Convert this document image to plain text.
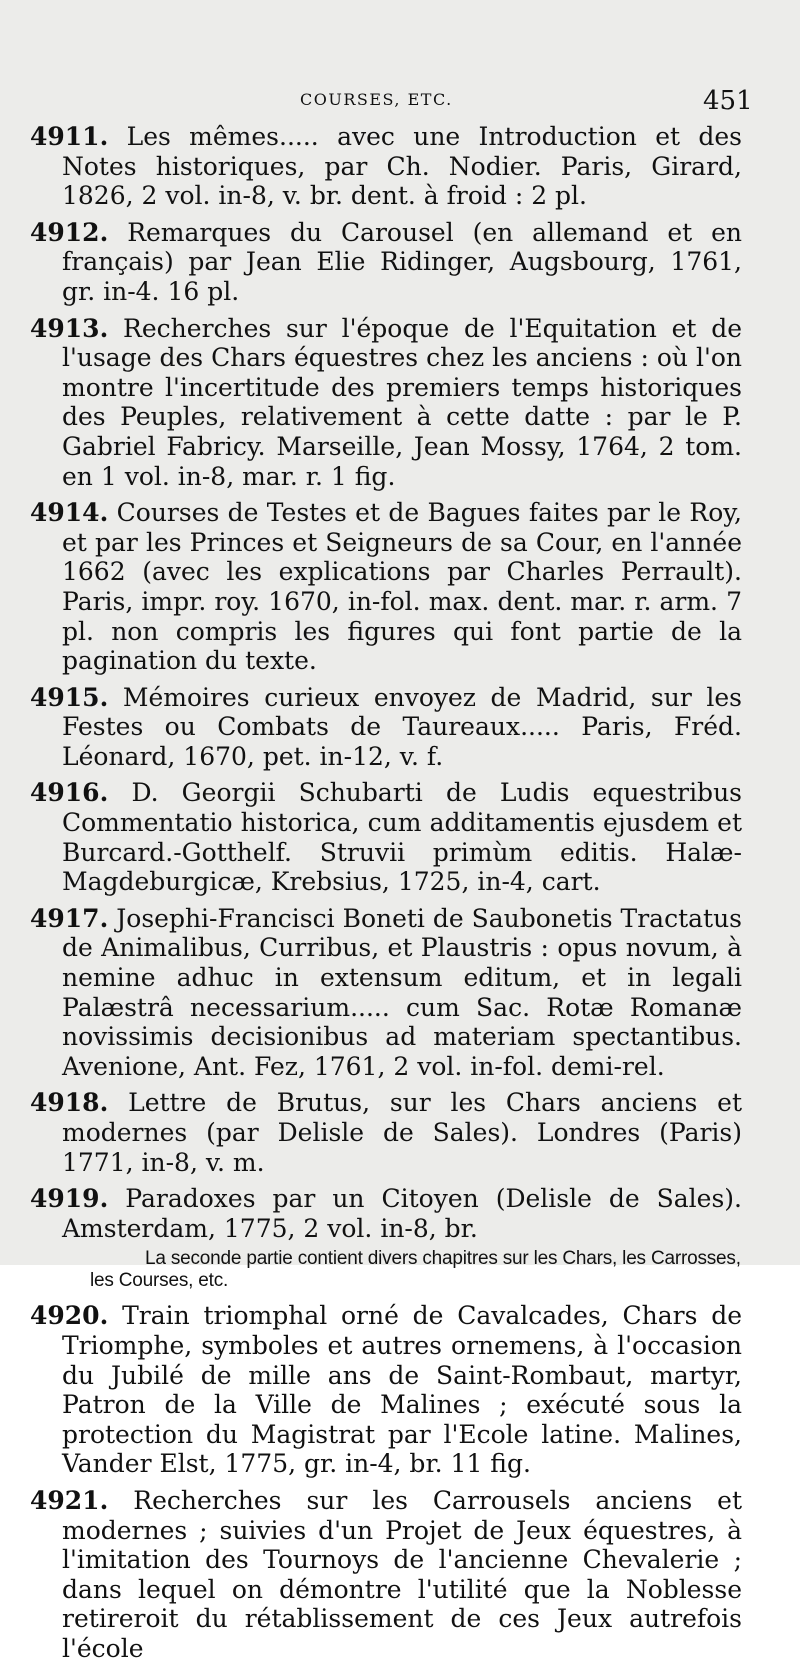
COURSES, ETC.	451
4911. Les mêmes..... avec une Introduction et des Notes historiques, par Ch. Nodier. Paris, Girard, 1826, 2 vol. in-8, v. br. dent. à froid : 2 pl.
4912. Remarques du Carousel (en allemand et en français) par Jean Elie Ridinger, Augsbourg, 1761, gr. in-4. 16 pl.
4913. Recherches sur l'époque de l'Equitation et de l'usage des Chars équestres chez les anciens : où l'on montre l'incertitude des premiers temps historiques des Peuples, relativement à cette datte : par le P. Gabriel Fabricy. Marseille, Jean Mossy, 1764, 2 tom. en 1 vol. in-8, mar. r. 1 fig.
4914. Courses de Testes et de Bagues faites par le Roy, et par les Princes et Seigneurs de sa Cour, en l'année 1662 (avec les explications par Charles Perrault). Paris, impr. roy. 1670, in-fol. max. dent. mar. r. arm. 7 pl. non compris les figures qui font partie de la pagination du texte.
4915. Mémoires curieux envoyez de Madrid, sur les Festes ou Combats de Taureaux..... Paris, Fréd. Léonard, 1670, pet. in-12, v. f.
4916. D. Georgii Schubarti de Ludis equestribus Commentatio historica, cum additamentis ejusdem et Burcard.-Gotthelf. Struvii primùm editis. Halæ-Magdeburgicæ, Krebsius, 1725, in-4, cart.
4917. Josephi-Francisci Boneti de Saubonetis Tractatus de Animalibus, Curribus, et Plaustris : opus novum, à nemine adhuc in extensum editum, et in legali Palæstrâ necessarium..... cum Sac. Rotæ Romanæ novissimis decisionibus ad materiam spectantibus. Avenione, Ant. Fez, 1761, 2 vol. in-fol. demi-rel.
4918. Lettre de Brutus, sur les Chars anciens et modernes (par Delisle de Sales). Londres (Paris) 1771, in-8, v. m.
4919. Paradoxes par un Citoyen (Delisle de Sales). Amsterdam, 1775, 2 vol. in-8, br.
La seconde partie contient divers chapitres sur les Chars, les Carrosses, les Courses, etc.
4920. Train triomphal orné de Cavalcades, Chars de Triomphe, symboles et autres ornemens, à l'occasion du Jubilé de mille ans de Saint-Rombaut, martyr, Patron de la Ville de Malines ; exécuté sous la protection du Magistrat par l'Ecole latine. Malines, Vander Elst, 1775, gr. in-4, br. 11 fig.
4921. Recherches sur les Carrousels anciens et modernes ; suivies d'un Projet de Jeux équestres, à l'imitation des Tournoys de l'ancienne Chevalerie ; dans lequel on démontre l'utilité que la Noblesse retireroit du rétablissement de ces Jeux autrefois l'école
